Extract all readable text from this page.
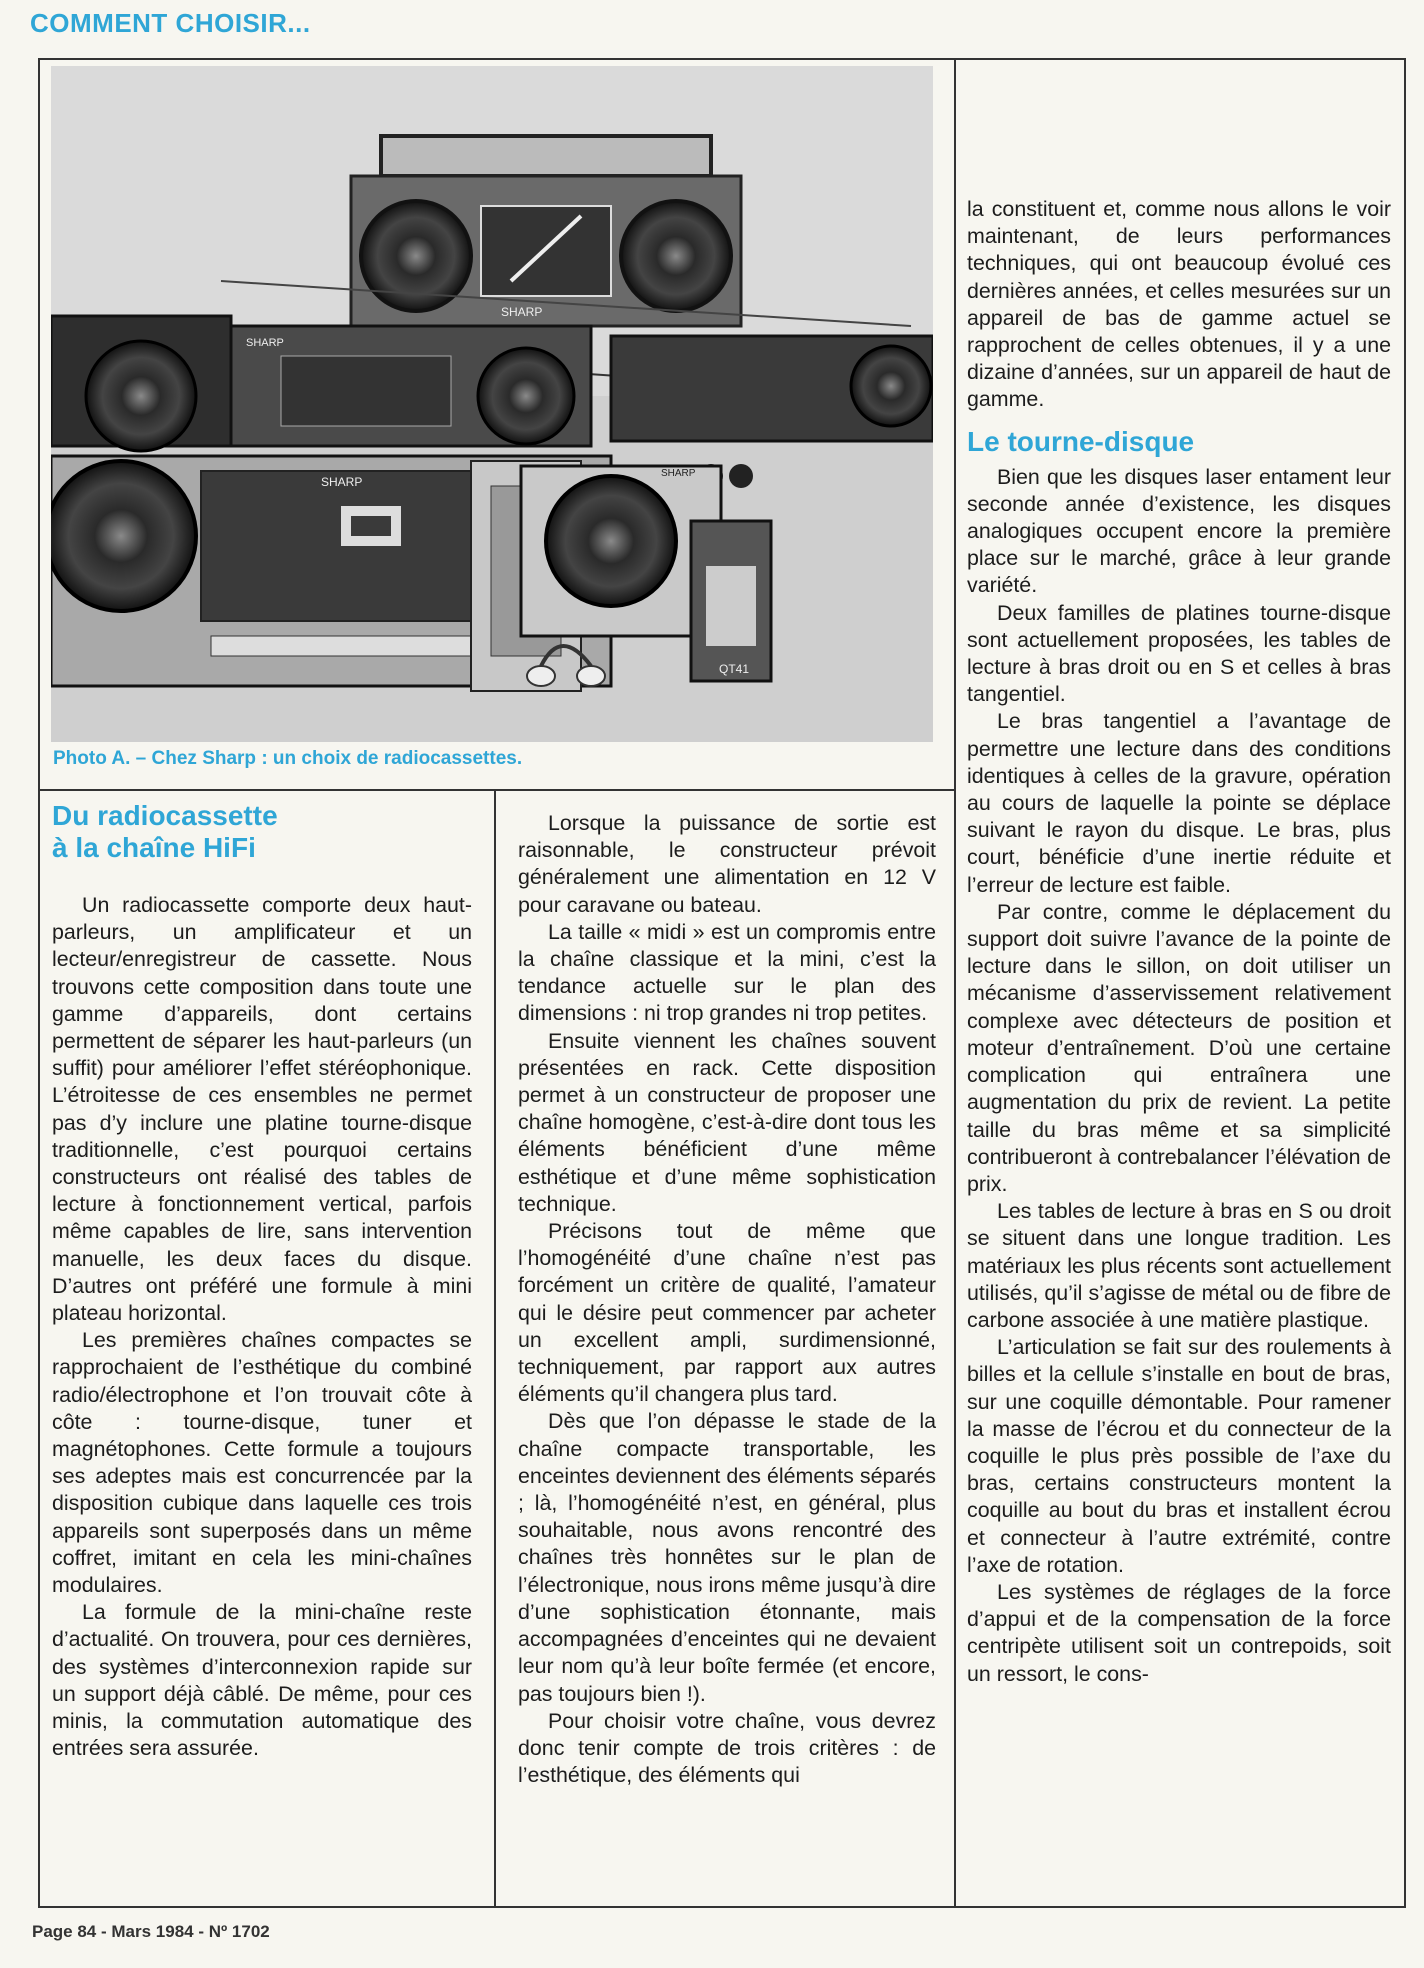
COMMENT CHOISIR...
SHARP
SHARP
SHARP
SHARP
QT41
Photo A. – Chez Sharp : un choix de radiocassettes.
Du radiocassette
à la chaîne HiFi

Un radiocassette comporte deux haut-parleurs, un amplificateur et un lecteur/enregistreur de cassette. Nous trouvons cette composition dans toute une gamme d’appareils, dont certains permettent de séparer les haut-parleurs (un suffit) pour améliorer l’effet stéréophonique. L’étroitesse de ces ensembles ne permet pas d’y inclure une platine tourne-disque traditionnelle, c’est pourquoi certains constructeurs ont réalisé des tables de lecture à fonctionnement vertical, parfois même capables de lire, sans intervention manuelle, les deux faces du disque. D’autres ont préféré une formule à mini plateau horizontal.

Les premières chaînes compactes se rapprochaient de l’esthétique du combiné radio/électrophone et l’on trouvait côte à côte : tourne-disque, tuner et magnétophones. Cette formule a toujours ses adeptes mais est concurrencée par la disposition cubique dans laquelle ces trois appareils sont superposés dans un même coffret, imitant en cela les mini-chaînes modulaires.

La formule de la mini-chaîne reste d’actualité. On trouvera, pour ces dernières, des systèmes d’interconnexion rapide sur un support déjà câblé. De même, pour ces minis, la commutation automatique des entrées sera assurée.

Lorsque la puissance de sortie est raisonnable, le constructeur prévoit généralement une alimentation en 12 V pour caravane ou bateau.

La taille « midi » est un compromis entre la chaîne classique et la mini, c’est la tendance actuelle sur le plan des dimensions : ni trop grandes ni trop petites.

Ensuite viennent les chaînes souvent présentées en rack. Cette disposition permet à un constructeur de proposer une chaîne homogène, c’est-à-dire dont tous les éléments bénéficient d’une même esthétique et d’une même sophistication technique.

Précisons tout de même que l’homogénéité d’une chaîne n’est pas forcément un critère de qualité, l’amateur qui le désire peut commencer par acheter un excellent ampli, surdimensionné, techniquement, par rapport aux autres éléments qu’il changera plus tard.

Dès que l’on dépasse le stade de la chaîne compacte transportable, les enceintes deviennent des éléments séparés ; là, l’homogénéité n’est, en général, plus souhaitable, nous avons rencontré des chaînes très honnêtes sur le plan de l’électronique, nous irons même jusqu’à dire d’une sophistication étonnante, mais accompagnées d’enceintes qui ne devaient leur nom qu’à leur boîte fermée (et encore, pas toujours bien !).

Pour choisir votre chaîne, vous devrez donc tenir compte de trois critères : de l’esthétique, des éléments qui

la constituent et, comme nous allons le voir maintenant, de leurs performances techniques, qui ont beaucoup évolué ces dernières années, et celles mesurées sur un appareil de bas de gamme actuel se rapprochent de celles obtenues, il y a une dizaine d’années, sur un appareil de haut de gamme.

Le tourne-disque

Bien que les disques laser entament leur seconde année d’existence, les disques analogiques occupent encore la première place sur le marché, grâce à leur grande variété.

Deux familles de platines tourne-disque sont actuellement proposées, les tables de lecture à bras droit ou en S et celles à bras tangentiel.

Le bras tangentiel a l’avantage de permettre une lecture dans des conditions identiques à celles de la gravure, opération au cours de laquelle la pointe se déplace suivant le rayon du disque. Le bras, plus court, bénéficie d’une inertie réduite et l’erreur de lecture est faible.

Par contre, comme le déplacement du support doit suivre l’avance de la pointe de lecture dans le sillon, on doit utiliser un mécanisme d’asservissement relativement complexe avec détecteurs de position et moteur d’entraînement. D’où une certaine complication qui entraînera une augmentation du prix de revient. La petite taille du bras même et sa simplicité contribueront à contrebalancer l’élévation de prix.

Les tables de lecture à bras en S ou droit se situent dans une longue tradition. Les matériaux les plus récents sont actuellement utilisés, qu’il s’agisse de métal ou de fibre de carbone associée à une matière plastique.

L’articulation se fait sur des roulements à billes et la cellule s’installe en bout de bras, sur une coquille démontable. Pour ramener la masse de l’écrou et du connecteur de la coquille le plus près possible de l’axe du bras, certains constructeurs montent la coquille au bout du bras et installent écrou et connecteur à l’autre extrémité, contre l’axe de rotation.

Les systèmes de réglages de la force d’appui et de la compensation de la force centripète utilisent soit un contrepoids, soit un ressort, le cons-

Page 84 - Mars 1984 - Nº 1702
